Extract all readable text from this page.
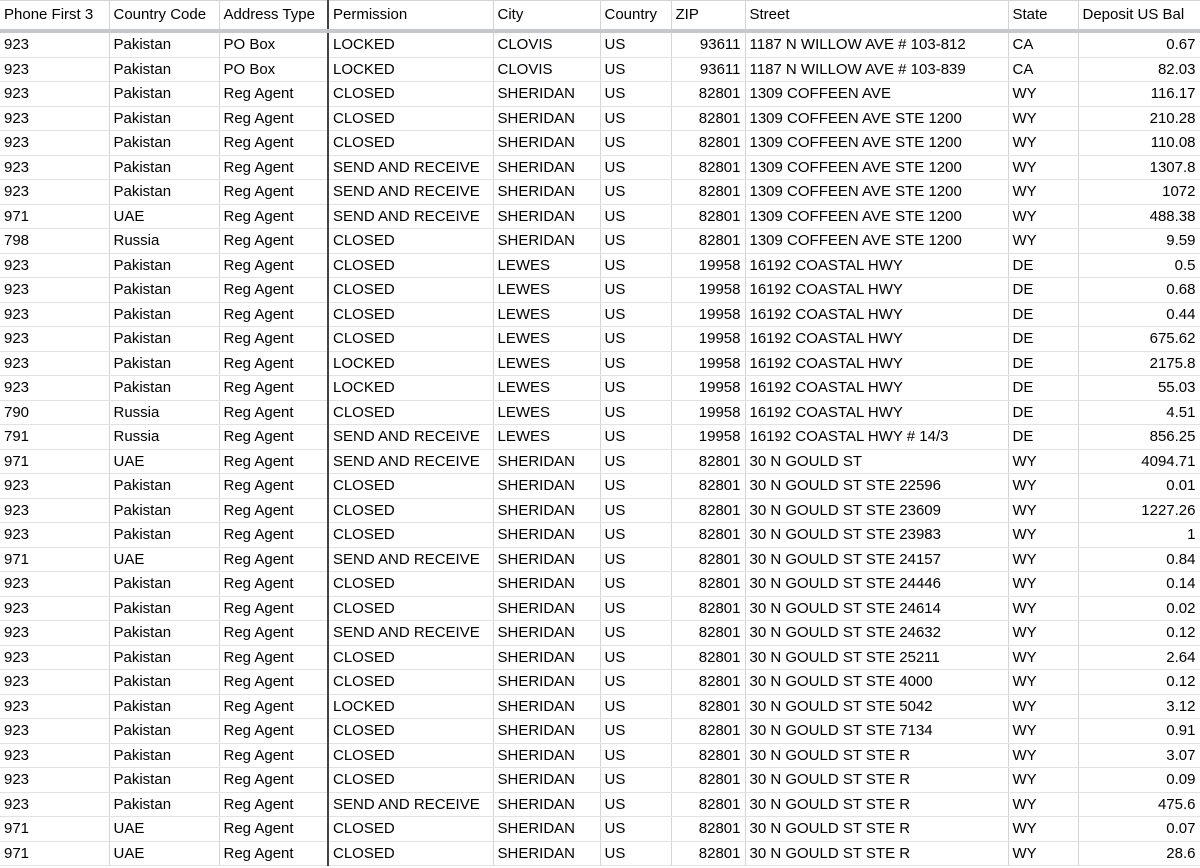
Phone First 3	Country Code	Address Type	Permission	City	Country	ZIP	Street	State	Deposit US Bal
923	Pakistan	PO Box	LOCKED	CLOVIS	US	93611	1187 N WILLOW AVE # 103-812	CA	0.67
923	Pakistan	PO Box	LOCKED	CLOVIS	US	93611	1187 N WILLOW AVE # 103-839	CA	82.03
923	Pakistan	Reg Agent	CLOSED	SHERIDAN	US	82801	1309 COFFEEN AVE	WY	116.17
923	Pakistan	Reg Agent	CLOSED	SHERIDAN	US	82801	1309 COFFEEN AVE STE 1200	WY	210.28
923	Pakistan	Reg Agent	CLOSED	SHERIDAN	US	82801	1309 COFFEEN AVE STE 1200	WY	110.08
923	Pakistan	Reg Agent	SEND AND RECEIVE	SHERIDAN	US	82801	1309 COFFEEN AVE STE 1200	WY	1307.8
923	Pakistan	Reg Agent	SEND AND RECEIVE	SHERIDAN	US	82801	1309 COFFEEN AVE STE 1200	WY	1072
971	UAE	Reg Agent	SEND AND RECEIVE	SHERIDAN	US	82801	1309 COFFEEN AVE STE 1200	WY	488.38
798	Russia	Reg Agent	CLOSED	SHERIDAN	US	82801	1309 COFFEEN AVE STE 1200	WY	9.59
923	Pakistan	Reg Agent	CLOSED	LEWES	US	19958	16192 COASTAL HWY	DE	0.5
923	Pakistan	Reg Agent	CLOSED	LEWES	US	19958	16192 COASTAL HWY	DE	0.68
923	Pakistan	Reg Agent	CLOSED	LEWES	US	19958	16192 COASTAL HWY	DE	0.44
923	Pakistan	Reg Agent	CLOSED	LEWES	US	19958	16192 COASTAL HWY	DE	675.62
923	Pakistan	Reg Agent	LOCKED	LEWES	US	19958	16192 COASTAL HWY	DE	2175.8
923	Pakistan	Reg Agent	LOCKED	LEWES	US	19958	16192 COASTAL HWY	DE	55.03
790	Russia	Reg Agent	CLOSED	LEWES	US	19958	16192 COASTAL HWY	DE	4.51
791	Russia	Reg Agent	SEND AND RECEIVE	LEWES	US	19958	16192 COASTAL HWY # 14/3	DE	856.25
971	UAE	Reg Agent	SEND AND RECEIVE	SHERIDAN	US	82801	30 N GOULD ST	WY	4094.71
923	Pakistan	Reg Agent	CLOSED	SHERIDAN	US	82801	30 N GOULD ST STE 22596	WY	0.01
923	Pakistan	Reg Agent	CLOSED	SHERIDAN	US	82801	30 N GOULD ST STE 23609	WY	1227.26
923	Pakistan	Reg Agent	CLOSED	SHERIDAN	US	82801	30 N GOULD ST STE 23983	WY	1
971	UAE	Reg Agent	SEND AND RECEIVE	SHERIDAN	US	82801	30 N GOULD ST STE 24157	WY	0.84
923	Pakistan	Reg Agent	CLOSED	SHERIDAN	US	82801	30 N GOULD ST STE 24446	WY	0.14
923	Pakistan	Reg Agent	CLOSED	SHERIDAN	US	82801	30 N GOULD ST STE 24614	WY	0.02
923	Pakistan	Reg Agent	SEND AND RECEIVE	SHERIDAN	US	82801	30 N GOULD ST STE 24632	WY	0.12
923	Pakistan	Reg Agent	CLOSED	SHERIDAN	US	82801	30 N GOULD ST STE 25211	WY	2.64
923	Pakistan	Reg Agent	CLOSED	SHERIDAN	US	82801	30 N GOULD ST STE 4000	WY	0.12
923	Pakistan	Reg Agent	LOCKED	SHERIDAN	US	82801	30 N GOULD ST STE 5042	WY	3.12
923	Pakistan	Reg Agent	CLOSED	SHERIDAN	US	82801	30 N GOULD ST STE 7134	WY	0.91
923	Pakistan	Reg Agent	CLOSED	SHERIDAN	US	82801	30 N GOULD ST STE R	WY	3.07
923	Pakistan	Reg Agent	CLOSED	SHERIDAN	US	82801	30 N GOULD ST STE R	WY	0.09
923	Pakistan	Reg Agent	SEND AND RECEIVE	SHERIDAN	US	82801	30 N GOULD ST STE R	WY	475.6
971	UAE	Reg Agent	CLOSED	SHERIDAN	US	82801	30 N GOULD ST STE R	WY	0.07
971	UAE	Reg Agent	CLOSED	SHERIDAN	US	82801	30 N GOULD ST STE R	WY	28.6
